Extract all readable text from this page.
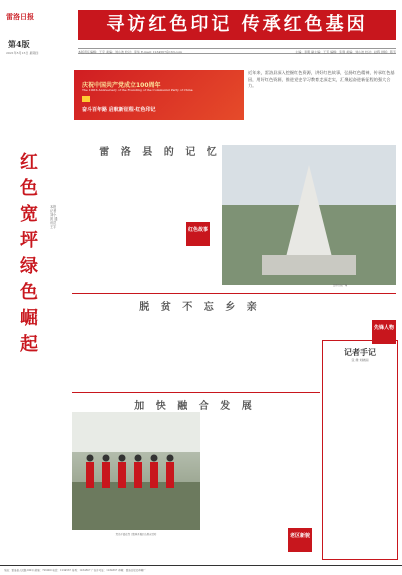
雷洛日报
第4版
2021年5月13日 星期四
寻访红色印记 传承红色基因
本版责任编辑：王宇 美编：刘小波 校对：李华 E-mail: 1234567@163.com	主编：李明 副主编：王芳 编辑：张强 美编：刘小波 校对：赵辉 排版：陈芳
庆祝中国共产党成立100周年
The 100th Anniversary of the Founding of the Communist Party of China
奋斗百年路 启航新征程·红色印记
近年来，雷洛县深入挖掘红色资源，讲好红色故事，弘扬红色精神，传承红色基因，用好红色资源，推进党史学习教育走深走实，汇聚起奋进新征程的强大合力。
红色宽坪绿色崛起
本报记者 刘小波 通讯员 王宇
雷 洛 县 的 记 忆
红色故事
宽坪红色广场
脱 贫 不 忘 乡 亲
先锋人物
加 快 融 合 发 展
党员干部在烈士陵园开展红色教育活动	老区新貌
记者手记
张 健 刘晓丽
地址：雷洛县人民路100号 邮编：726000 电话：1234567 传真：1234567 广告许可证：1234567 印刷：雷洛日报社印刷厂
